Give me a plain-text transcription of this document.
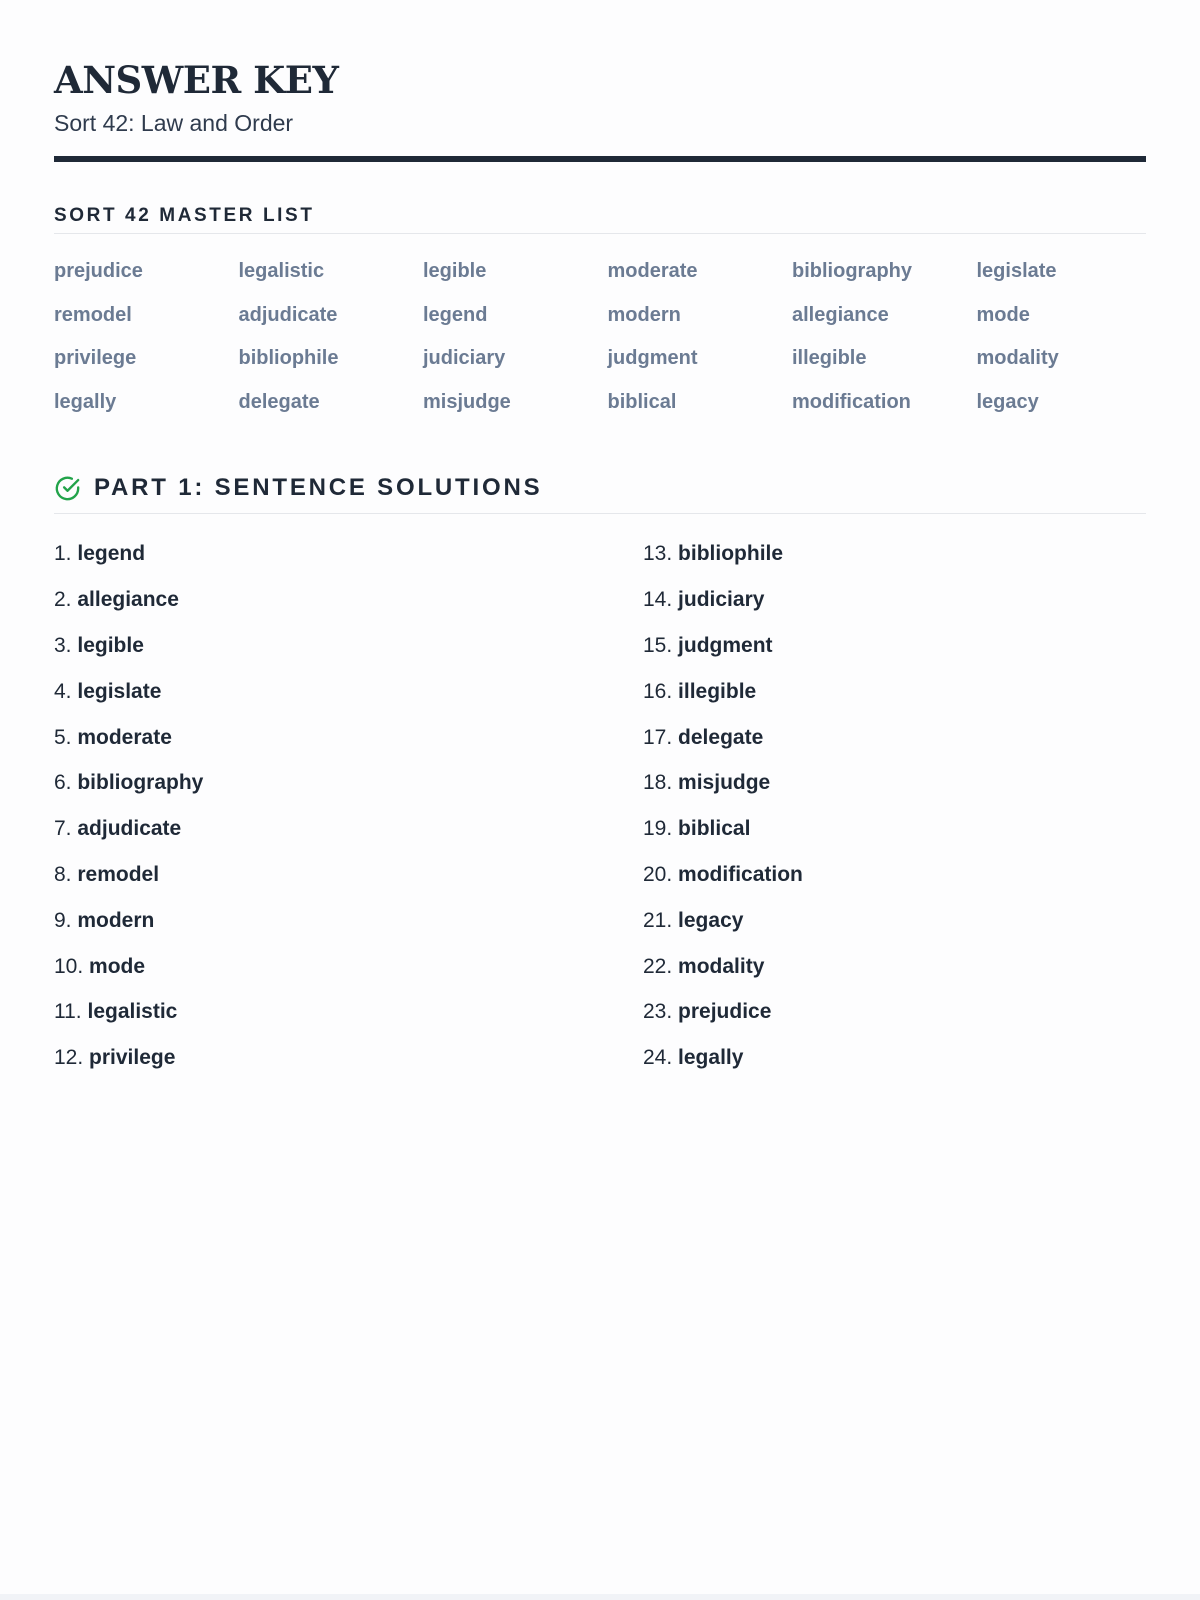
ANSWER KEY
Sort 42: Law and Order
SORT 42 MASTER LIST
prejudice	legalistic	legible	moderate	bibliography	legislate
remodel	adjudicate	legend	modern	allegiance	mode
privilege	bibliophile	judiciary	judgment	illegible	modality
legally	delegate	misjudge	biblical	modification	legacy
PART 1: SENTENCE SOLUTIONS
1. legend
2. allegiance
3. legible
4. legislate
5. moderate
6. bibliography
7. adjudicate
8. remodel
9. modern
10. mode
11. legalistic
12. privilege
13. bibliophile
14. judiciary
15. judgment
16. illegible
17. delegate
18. misjudge
19. biblical
20. modification
21. legacy
22. modality
23. prejudice
24. legally
